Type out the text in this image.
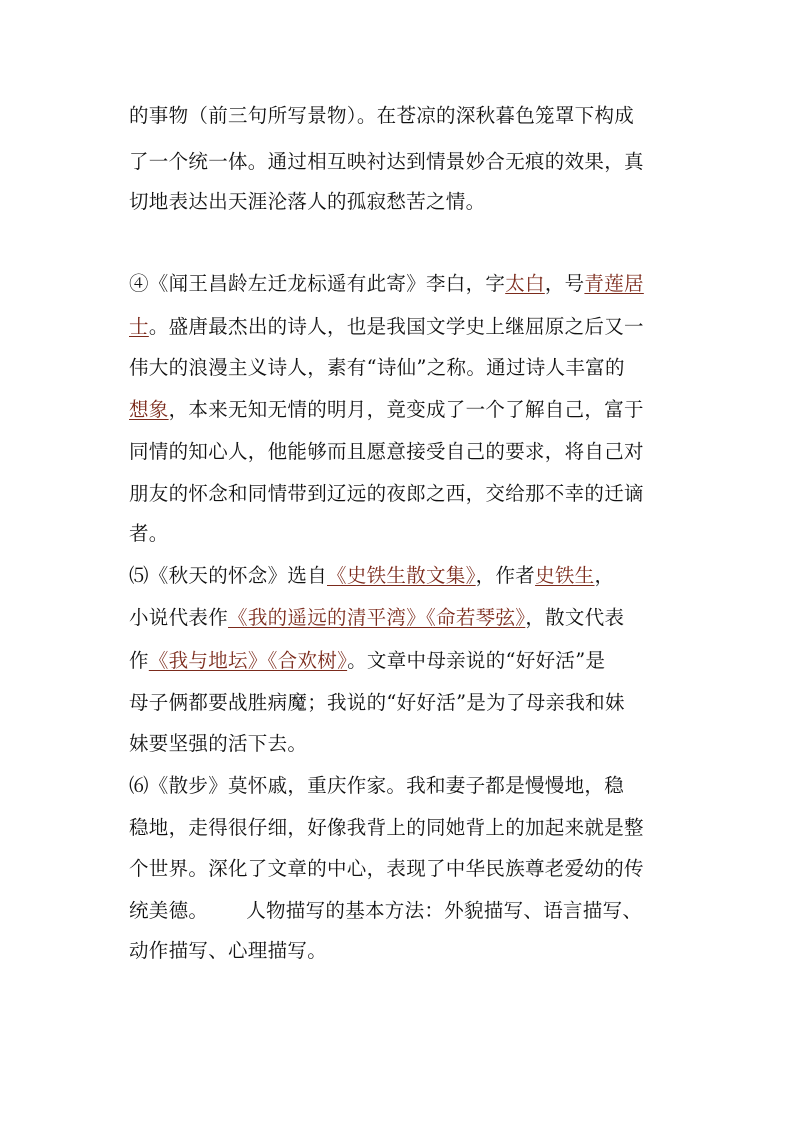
的事物（前三句所写景物）。在苍凉的深秋暮色笼罩下构成
了一个统一体。通过相互映衬达到情景妙合无痕的效果，真
切地表达出天涯沦落人的孤寂愁苦之情。
④《闻王昌龄左迁龙标遥有此寄》李白，字太白，号青莲居
士。盛唐最杰出的诗人，也是我国文学史上继屈原之后又一
伟大的浪漫主义诗人，素有“诗仙”之称。通过诗人丰富的
想象，本来无知无情的明月，竟变成了一个了解自己，富于
同情的知心人，他能够而且愿意接受自己的要求，将自己对
朋友的怀念和同情带到辽远的夜郎之西，交给那不幸的迁谪
者。
⑸《秋天的怀念》选自《史铁生散文集》，作者史铁生，
小说代表作《我的遥远的清平湾》《命若琴弦》，散文代表
作《我与地坛》《合欢树》。文章中母亲说的“好好活”是
母子俩都要战胜病魔；我说的“好好活”是为了母亲我和妹
妹要坚强的活下去。
⑹《散步》莫怀戚，重庆作家。我和妻子都是慢慢地，稳
稳地，走得很仔细，好像我背上的同她背上的加起来就是整
个世界。深化了文章的中心，表现了中华民族尊老爱幼的传
统美德。 人物描写的基本方法：外貌描写、语言描写、
动作描写、心理描写。
